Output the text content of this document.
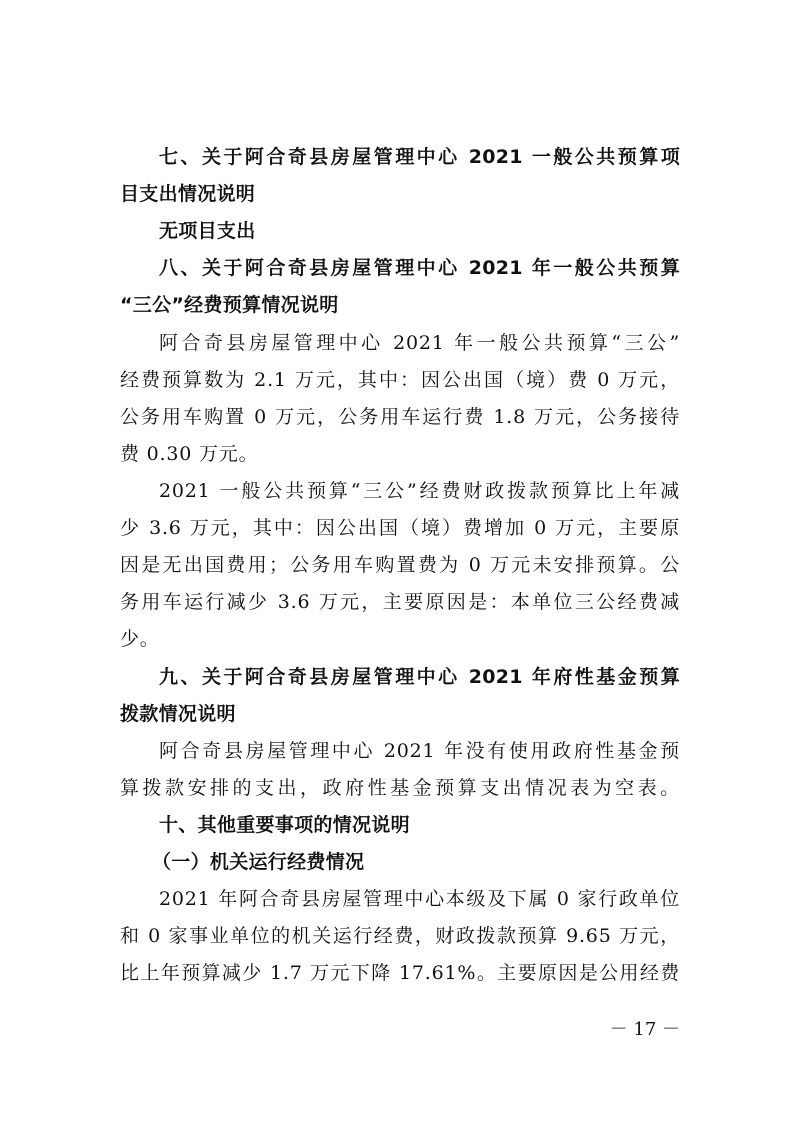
七、关于阿合奇县房屋管理中心 2021 一般公共预算项
目支出情况说明
无项目支出
八、关于阿合奇县房屋管理中心 2021 年一般公共预算
“三公”经费预算情况说明
阿合奇县房屋管理中心 2021 年一般公共预算“三公”
经费预算数为 2.1 万元，其中：因公出国（境）费 0 万元，
公务用车购置 0 万元，公务用车运行费 1.8 万元，公务接待
费 0.30 万元。
2021 一般公共预算“三公”经费财政拨款预算比上年减
少 3.6 万元，其中：因公出国（境）费增加 0 万元，主要原
因是无出国费用；公务用车购置费为 0 万元未安排预算。公
务用车运行减少 3.6 万元，主要原因是：本单位三公经费减
少。
九、关于阿合奇县房屋管理中心 2021 年府性基金预算
拨款情况说明
阿合奇县房屋管理中心 2021 年没有使用政府性基金预
算拨款安排的支出，政府性基金预算支出情况表为空表。
十、其他重要事项的情况说明
（一）机关运行经费情况
2021 年阿合奇县房屋管理中心本级及下属 0 家行政单位
和 0 家事业单位的机关运行经费，财政拨款预算 9.65 万元，
比上年预算减少 1.7 万元下降 17.61%。主要原因是公用经费
－ 17 －
